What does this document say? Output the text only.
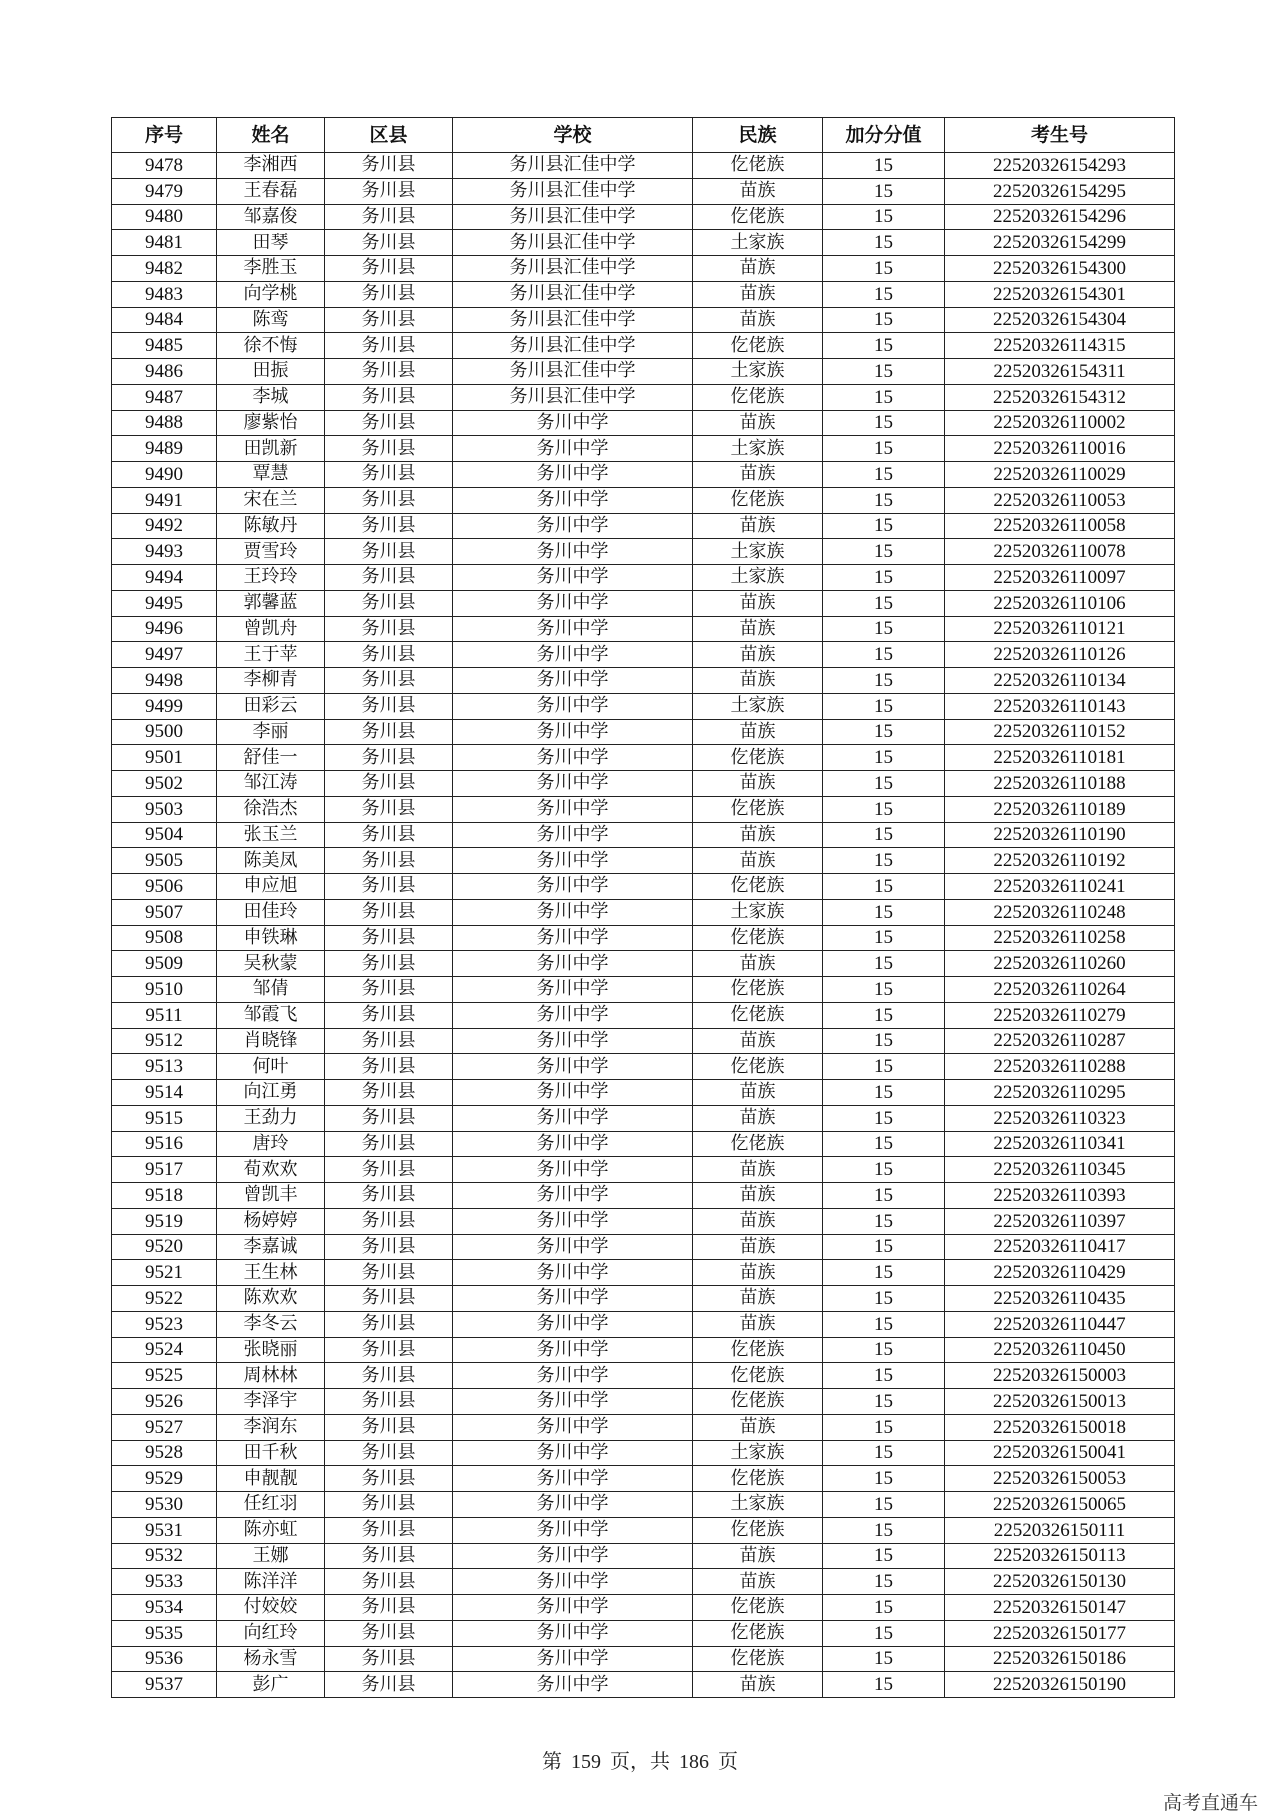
序号	姓名	区县	学校	民族	加分分值	考生号
9478	李湘西	务川县	务川县汇佳中学	仡佬族	15	22520326154293
9479	王春磊	务川县	务川县汇佳中学	苗族	15	22520326154295
9480	邹嘉俊	务川县	务川县汇佳中学	仡佬族	15	22520326154296
9481	田琴	务川县	务川县汇佳中学	土家族	15	22520326154299
9482	李胜玉	务川县	务川县汇佳中学	苗族	15	22520326154300
9483	向学桃	务川县	务川县汇佳中学	苗族	15	22520326154301
9484	陈鸾	务川县	务川县汇佳中学	苗族	15	22520326154304
9485	徐不悔	务川县	务川县汇佳中学	仡佬族	15	22520326114315
9486	田振	务川县	务川县汇佳中学	土家族	15	22520326154311
9487	李城	务川县	务川县汇佳中学	仡佬族	15	22520326154312
9488	廖紫怡	务川县	务川中学	苗族	15	22520326110002
9489	田凯新	务川县	务川中学	土家族	15	22520326110016
9490	覃慧	务川县	务川中学	苗族	15	22520326110029
9491	宋在兰	务川县	务川中学	仡佬族	15	22520326110053
9492	陈敏丹	务川县	务川中学	苗族	15	22520326110058
9493	贾雪玲	务川县	务川中学	土家族	15	22520326110078
9494	王玲玲	务川县	务川中学	土家族	15	22520326110097
9495	郭馨蓝	务川县	务川中学	苗族	15	22520326110106
9496	曾凯舟	务川县	务川中学	苗族	15	22520326110121
9497	王于苹	务川县	务川中学	苗族	15	22520326110126
9498	李柳青	务川县	务川中学	苗族	15	22520326110134
9499	田彩云	务川县	务川中学	土家族	15	22520326110143
9500	李丽	务川县	务川中学	苗族	15	22520326110152
9501	舒佳一	务川县	务川中学	仡佬族	15	22520326110181
9502	邹江涛	务川县	务川中学	苗族	15	22520326110188
9503	徐浩杰	务川县	务川中学	仡佬族	15	22520326110189
9504	张玉兰	务川县	务川中学	苗族	15	22520326110190
9505	陈美凤	务川县	务川中学	苗族	15	22520326110192
9506	申应旭	务川县	务川中学	仡佬族	15	22520326110241
9507	田佳玲	务川县	务川中学	土家族	15	22520326110248
9508	申铁琳	务川县	务川中学	仡佬族	15	22520326110258
9509	吴秋蒙	务川县	务川中学	苗族	15	22520326110260
9510	邹倩	务川县	务川中学	仡佬族	15	22520326110264
9511	邹霞飞	务川县	务川中学	仡佬族	15	22520326110279
9512	肖晓锋	务川县	务川中学	苗族	15	22520326110287
9513	何叶	务川县	务川中学	仡佬族	15	22520326110288
9514	向江勇	务川县	务川中学	苗族	15	22520326110295
9515	王劲力	务川县	务川中学	苗族	15	22520326110323
9516	唐玲	务川县	务川中学	仡佬族	15	22520326110341
9517	荀欢欢	务川县	务川中学	苗族	15	22520326110345
9518	曾凯丰	务川县	务川中学	苗族	15	22520326110393
9519	杨婷婷	务川县	务川中学	苗族	15	22520326110397
9520	李嘉诚	务川县	务川中学	苗族	15	22520326110417
9521	王生林	务川县	务川中学	苗族	15	22520326110429
9522	陈欢欢	务川县	务川中学	苗族	15	22520326110435
9523	李冬云	务川县	务川中学	苗族	15	22520326110447
9524	张晓丽	务川县	务川中学	仡佬族	15	22520326110450
9525	周林林	务川县	务川中学	仡佬族	15	22520326150003
9526	李泽宇	务川县	务川中学	仡佬族	15	22520326150013
9527	李润东	务川县	务川中学	苗族	15	22520326150018
9528	田千秋	务川县	务川中学	土家族	15	22520326150041
9529	申靓靓	务川县	务川中学	仡佬族	15	22520326150053
9530	任红羽	务川县	务川中学	土家族	15	22520326150065
9531	陈亦虹	务川县	务川中学	仡佬族	15	22520326150111
9532	王娜	务川县	务川中学	苗族	15	22520326150113
9533	陈洋洋	务川县	务川中学	苗族	15	22520326150130
9534	付姣姣	务川县	务川中学	仡佬族	15	22520326150147
9535	向红玲	务川县	务川中学	仡佬族	15	22520326150177
9536	杨永雪	务川县	务川中学	仡佬族	15	22520326150186
9537	彭广	务川县	务川中学	苗族	15	22520326150190
第 159 页，共 186 页
高考直通车
